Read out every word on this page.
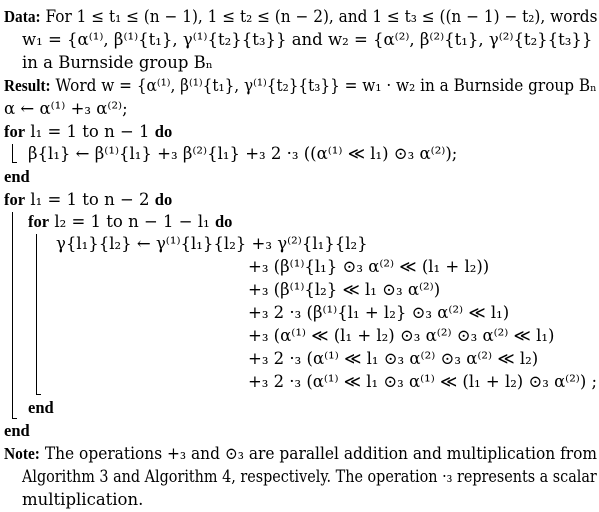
Data: For 1 ≤ t₁ ≤ (n − 1), 1 ≤ t₂ ≤ (n − 2), and 1 ≤ t₃ ≤ ((n − 1) − t₂), words
w₁ = {α⁽¹⁾, β⁽¹⁾{t₁}, γ⁽¹⁾{t₂}{t₃}} and w₂ = {α⁽²⁾, β⁽²⁾{t₁}, γ⁽²⁾{t₂}{t₃}}
in a Burnside group Bₙ
Result: Word w = {α⁽¹⁾, β⁽¹⁾{t₁}, γ⁽¹⁾{t₂}{t₃}} = w₁ · w₂ in a Burnside group Bₙ
α ← α⁽¹⁾ +₃ α⁽²⁾;
for l₁ = 1 to n − 1 do
β{l₁} ← β⁽¹⁾{l₁} +₃ β⁽²⁾{l₁} +₃ 2 ·₃ ((α⁽¹⁾ ≪ l₁) ⊙₃ α⁽²⁾);
end
for l₁ = 1 to n − 2 do
for l₂ = 1 to n − 1 − l₁ do
γ{l₁}{l₂} ← γ⁽¹⁾{l₁}{l₂} +₃ γ⁽²⁾{l₁}{l₂}
+₃ (β⁽¹⁾{l₁} ⊙₃ α⁽²⁾ ≪ (l₁ + l₂))
+₃ (β⁽¹⁾{l₂} ≪ l₁ ⊙₃ α⁽²⁾)
+₃ 2 ·₃ (β⁽¹⁾{l₁ + l₂} ⊙₃ α⁽²⁾ ≪ l₁)
+₃ (α⁽¹⁾ ≪ (l₁ + l₂) ⊙₃ α⁽²⁾ ⊙₃ α⁽²⁾ ≪ l₁)
+₃ 2 ·₃ (α⁽¹⁾ ≪ l₁ ⊙₃ α⁽²⁾ ⊙₃ α⁽²⁾ ≪ l₂)
+₃ 2 ·₃ (α⁽¹⁾ ≪ l₁ ⊙₃ α⁽¹⁾ ≪ (l₁ + l₂) ⊙₃ α⁽²⁾) ;
end
end
Note: The operations +₃ and ⊙₃ are parallel addition and multiplication from
Algorithm 3 and Algorithm 4, respectively. The operation ·₃ represents a scalar
multiplication.
